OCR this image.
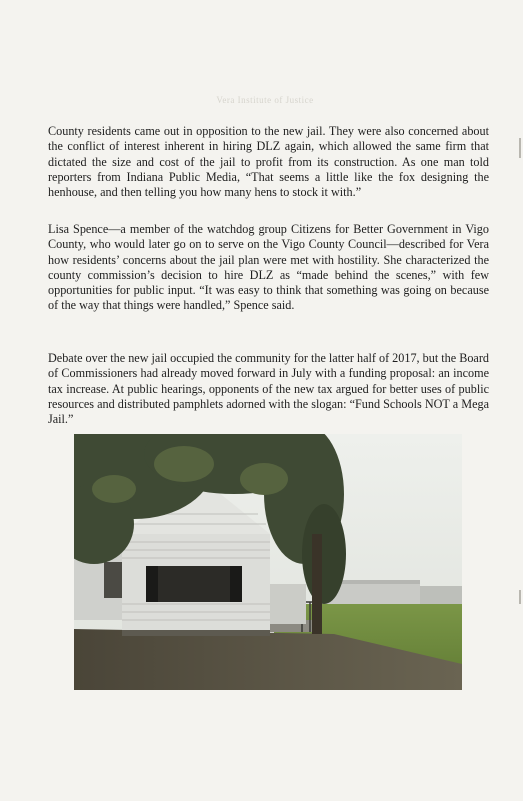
Vera Institute of Justice

County residents came out in opposition to the new jail. They were also concerned about the conflict of interest inherent in hiring DLZ again, which allowed the same firm that dictated the size and cost of the jail to profit from its construction. As one man told reporters from Indiana Public Media, “That seems a little like the fox designing the henhouse, and then telling you how many hens to stock it with.”

Lisa Spence—a member of the watchdog group Citizens for Better Government in Vigo County, who would later go on to serve on the Vigo County Council—described for Vera how residents’ concerns about the jail plan were met with hostility. She characterized the county commission’s decision to hire DLZ as “made behind the scenes,” with few opportunities for public input. “It was easy to think that something was going on because of the way that things were handled,” Spence said.

Debate over the new jail occupied the community for the latter half of 2017, but the Board of Commissioners had already moved forward in July with a funding proposal: an income tax increase. At public hearings, opponents of the new tax argued for better uses of public resources and distributed pamphlets adorned with the slogan: “Fund Schools NOT a Mega Jail.”
